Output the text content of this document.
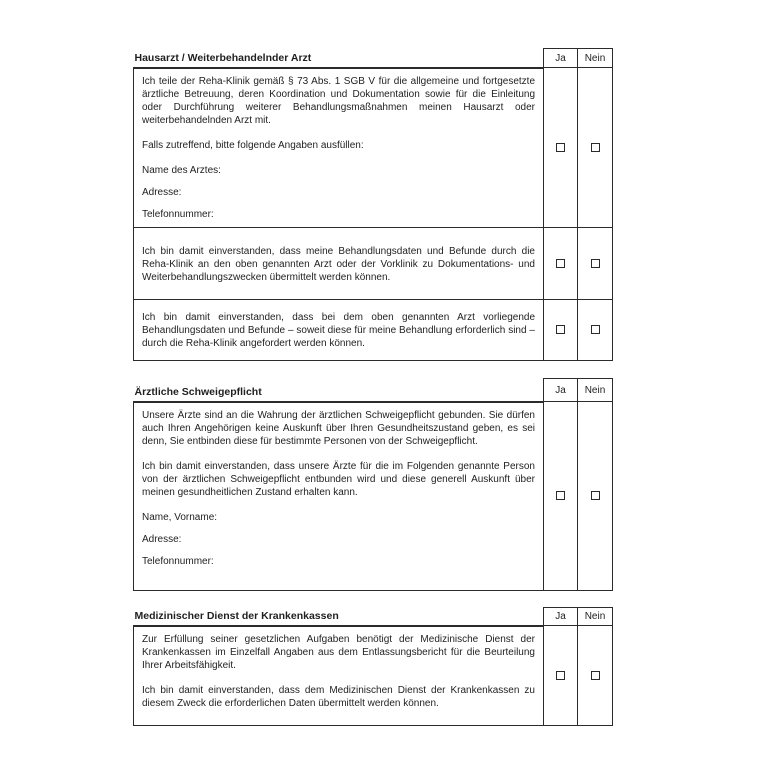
Hausarzt / Weiterbehandelnder Arzt	Ja	Nein

Ich teile der Reha-Klinik gemäß § 73 Abs. 1 SGB V für die allgemeine und fortgesetzte ärztliche Betreuung, deren Koordination und Dokumentation sowie für die Einleitung oder Durchführung weiterer Behandlungsmaßnahmen meinen Hausarzt oder weiterbehandelnden Arzt mit.

Falls zutreffend, bitte folgende Angaben ausfüllen:

Name des Arztes:

Adresse:

Telefonnummer:		

Ich bin damit einverstanden, dass meine Behandlungsdaten und Befunde durch die Reha-Klinik an den oben genannten Arzt oder der Vorklinik zu Dokumentations- und Weiterbehandlungszwecken übermittelt werden können.		

Ich bin damit einverstanden, dass bei dem oben genannten Arzt vorliegende Behandlungsdaten und Befunde – soweit diese für meine Behandlung erforderlich sind – durch die Reha-Klinik angefordert werden können.		

Ärztliche Schweigepflicht	Ja	Nein

Unsere Ärzte sind an die Wahrung der ärztlichen Schweigepflicht gebunden. Sie dürfen auch Ihren Angehörigen keine Auskunft über Ihren Gesundheitszustand geben, es sei denn, Sie entbinden diese für bestimmte Personen von der Schweigepflicht.

Ich bin damit einverstanden, dass unsere Ärzte für die im Folgenden genannte Person von der ärztlichen Schweigepflicht entbunden wird und diese generell Auskunft über meinen gesundheitlichen Zustand erhalten kann.

Name, Vorname:

Adresse:

Telefonnummer:		

Medizinischer Dienst der Krankenkassen	Ja	Nein

Zur Erfüllung seiner gesetzlichen Aufgaben benötigt der Medizinische Dienst der Krankenkassen im Einzelfall Angaben aus dem Entlassungsbericht für die Beurteilung Ihrer Arbeitsfähigkeit.

Ich bin damit einverstanden, dass dem Medizinischen Dienst der Krankenkassen zu diesem Zweck die erforderlichen Daten übermittelt werden können.		
